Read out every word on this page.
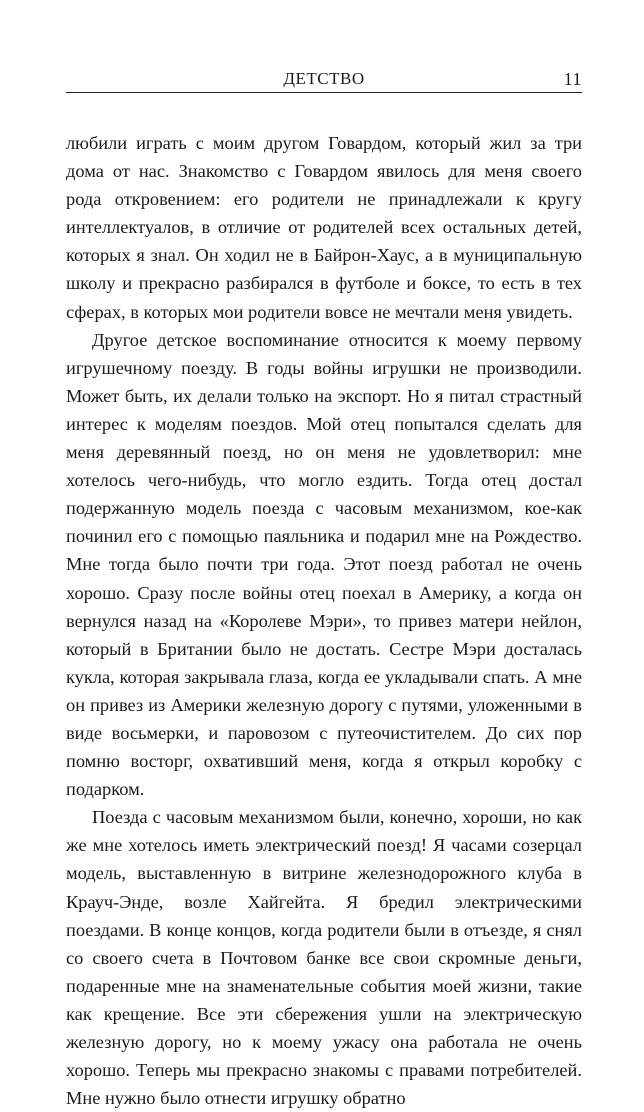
ДЕТСТВО	11

любили играть с моим другом Говардом, который жил за три дома от нас. Знакомство с Говардом явилось для меня своего рода откровением: его родители не принадлежали к кругу интеллектуалов, в отличие от родителей всех остальных детей, которых я знал. Он ходил не в Байрон-Хаус, а в муниципальную школу и прекрасно разбирался в футболе и боксе, то есть в тех сферах, в которых мои родители вовсе не мечтали меня увидеть.

Другое детское воспоминание относится к моему первому игрушечному поезду. В годы войны игрушки не производили. Может быть, их делали только на экспорт. Но я питал страстный интерес к моделям поездов. Мой отец попытался сделать для меня деревянный поезд, но он меня не удовлетворил: мне хотелось чего-нибудь, что могло ездить. Тогда отец достал подержанную модель поезда с часовым механизмом, кое-как починил его с помощью паяльника и подарил мне на Рождество. Мне тогда было почти три года. Этот поезд работал не очень хорошо. Сразу после войны отец поехал в Америку, а когда он вернулся назад на «Королеве Мэри», то привез матери нейлон, который в Британии было не достать. Сестре Мэри досталась кукла, которая закрывала глаза, когда ее укладывали спать. А мне он привез из Америки железную дорогу с путями, уложенными в виде восьмерки, и паровозом с путеочистителем. До сих пор помню восторг, охвативший меня, когда я открыл коробку с подарком.

Поезда с часовым механизмом были, конечно, хороши, но как же мне хотелось иметь электрический поезд! Я часами созерцал модель, выставленную в витрине железнодорожного клуба в Крауч-Энде, возле Хайгейта. Я бредил электрическими поездами. В конце концов, когда родители были в отъезде, я снял со своего счета в Почтовом банке все свои скромные деньги, подаренные мне на знаменательные события моей жизни, такие как крещение. Все эти сбережения ушли на электрическую железную дорогу, но к моему ужасу она работала не очень хорошо. Теперь мы прекрасно знакомы с правами потребителей. Мне нужно было отнести игрушку обратно
